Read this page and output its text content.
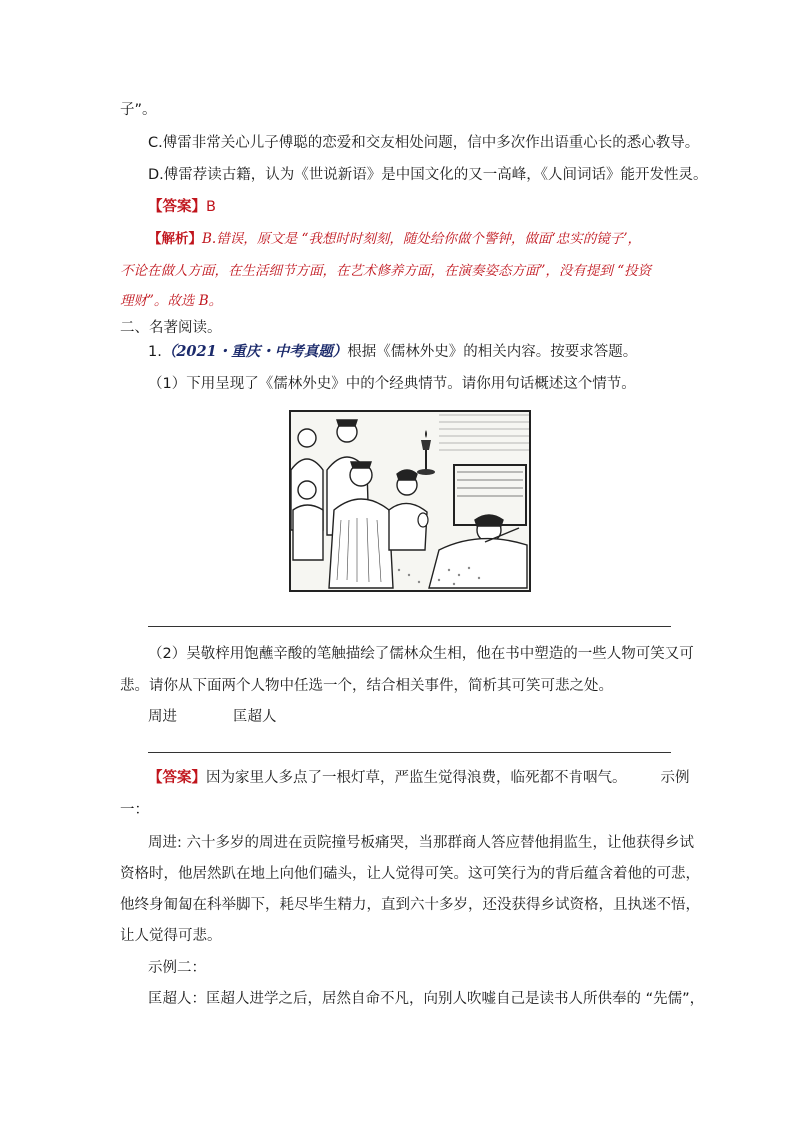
子”。
C.傅雷非常关心儿子傅聪的恋爱和交友相处问题，信中多次作出语重心长的悉心教导。
D.傅雷荐读古籍，认为《世说新语》是中国文化的又一高峰，《人间词话》能开发性灵。
【答案】B
【解析】B.错误，原文是 “我想时时刻刻，随处给你做个警钟，做面‘忠实的镜子’，
不论在做人方面，在生活细节方面，在艺术修养方面，在演奏姿态方面”，没有提到 “投资
理财”。故选 B。
二、名著阅读。
1.（2021・重庆・中考真题）根据《儒林外史》的相关内容。按要求答题。
（1）下用呈现了《儒林外史》中的个经典情节。请你用句话概述这个情节。
（2）吴敬梓用饱蘸辛酸的笔触描绘了儒林众生相，他在书中塑造的一些人物可笑又可
悲。请你从下面两个人物中任选一个，结合相关事件，简析其可笑可悲之处。
周进	匡超人
【答案】因为家里人多点了一根灯草，严监生觉得浪费，临死都不肯咽气。 示例
一：
周进: 六十多岁的周进在贡院撞号板痛哭，当那群商人答应替他捐监生，让他获得乡试
资格时，他居然趴在地上向他们磕头，让人觉得可笑。这可笑行为的背后蕴含着他的可悲，
他终身匍匐在科举脚下，耗尽毕生精力，直到六十多岁，还没获得乡试资格，且执迷不悟，
让人觉得可悲。
示例二：
匡超人：匡超人进学之后，居然自命不凡，向别人吹嘘自己是读书人所供奉的 “先儒”，
